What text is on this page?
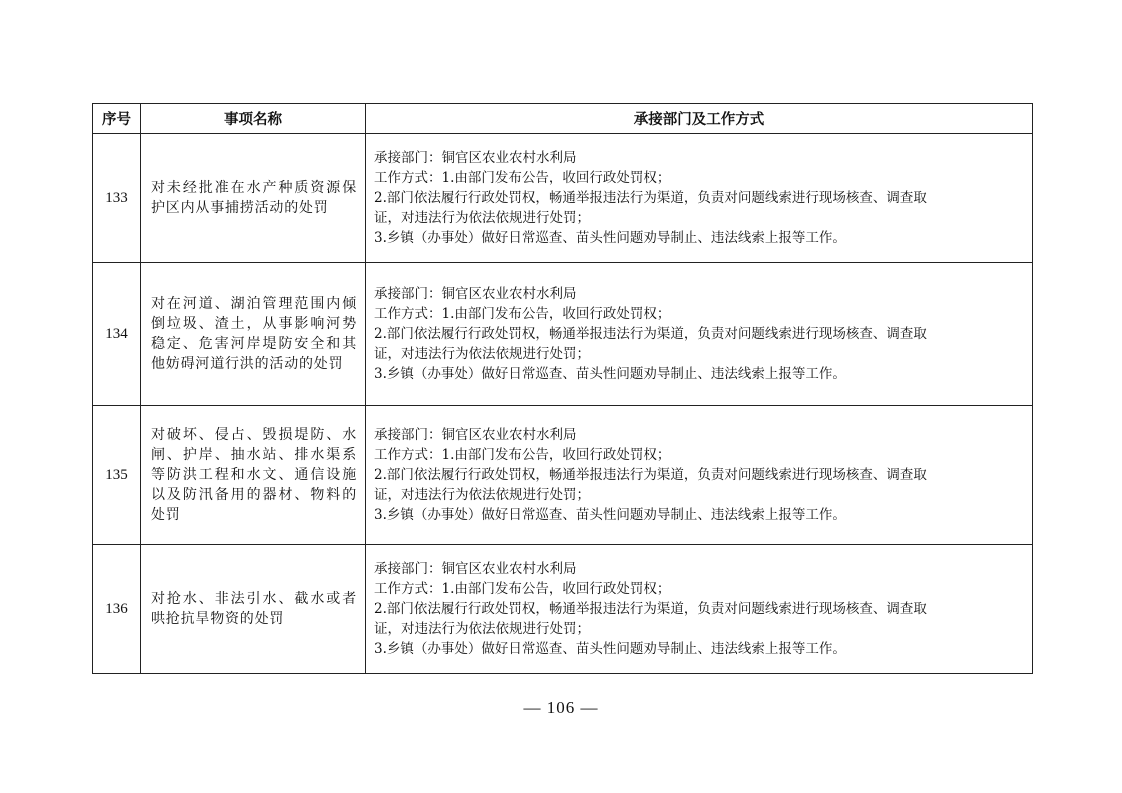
序号	事项名称	承接部门及工作方式
133	对未经批准在水产种质资源保护区内从事捕捞活动的处罚	承接部门：铜官区农业农村水利局
工作方式：1.由部门发布公告，收回行政处罚权；
2.部门依法履行行政处罚权，畅通举报违法行为渠道，负责对问题线索进行现场核查、调查取
证，对违法行为依法依规进行处罚；
3.乡镇（办事处）做好日常巡查、苗头性问题劝导制止、违法线索上报等工作。

134	对在河道、湖泊管理范围内倾倒垃圾、渣土，从事影响河势稳定、危害河岸堤防安全和其他妨碍河道行洪的活动的处罚	承接部门：铜官区农业农村水利局
工作方式：1.由部门发布公告，收回行政处罚权；
2.部门依法履行行政处罚权，畅通举报违法行为渠道，负责对问题线索进行现场核查、调查取
证，对违法行为依法依规进行处罚；
3.乡镇（办事处）做好日常巡查、苗头性问题劝导制止、违法线索上报等工作。

135	对破坏、侵占、毁损堤防、水闸、护岸、抽水站、排水渠系等防洪工程和水文、通信设施以及防汛备用的器材、物料的处罚	承接部门：铜官区农业农村水利局
工作方式：1.由部门发布公告，收回行政处罚权；
2.部门依法履行行政处罚权，畅通举报违法行为渠道，负责对问题线索进行现场核查、调查取
证，对违法行为依法依规进行处罚；
3.乡镇（办事处）做好日常巡查、苗头性问题劝导制止、违法线索上报等工作。

136	对抢水、非法引水、截水或者哄抢抗旱物资的处罚	承接部门：铜官区农业农村水利局
工作方式：1.由部门发布公告，收回行政处罚权；
2.部门依法履行行政处罚权，畅通举报违法行为渠道，负责对问题线索进行现场核查、调查取
证，对违法行为依法依规进行处罚；
3.乡镇（办事处）做好日常巡查、苗头性问题劝导制止、违法线索上报等工作。
— 106 —
